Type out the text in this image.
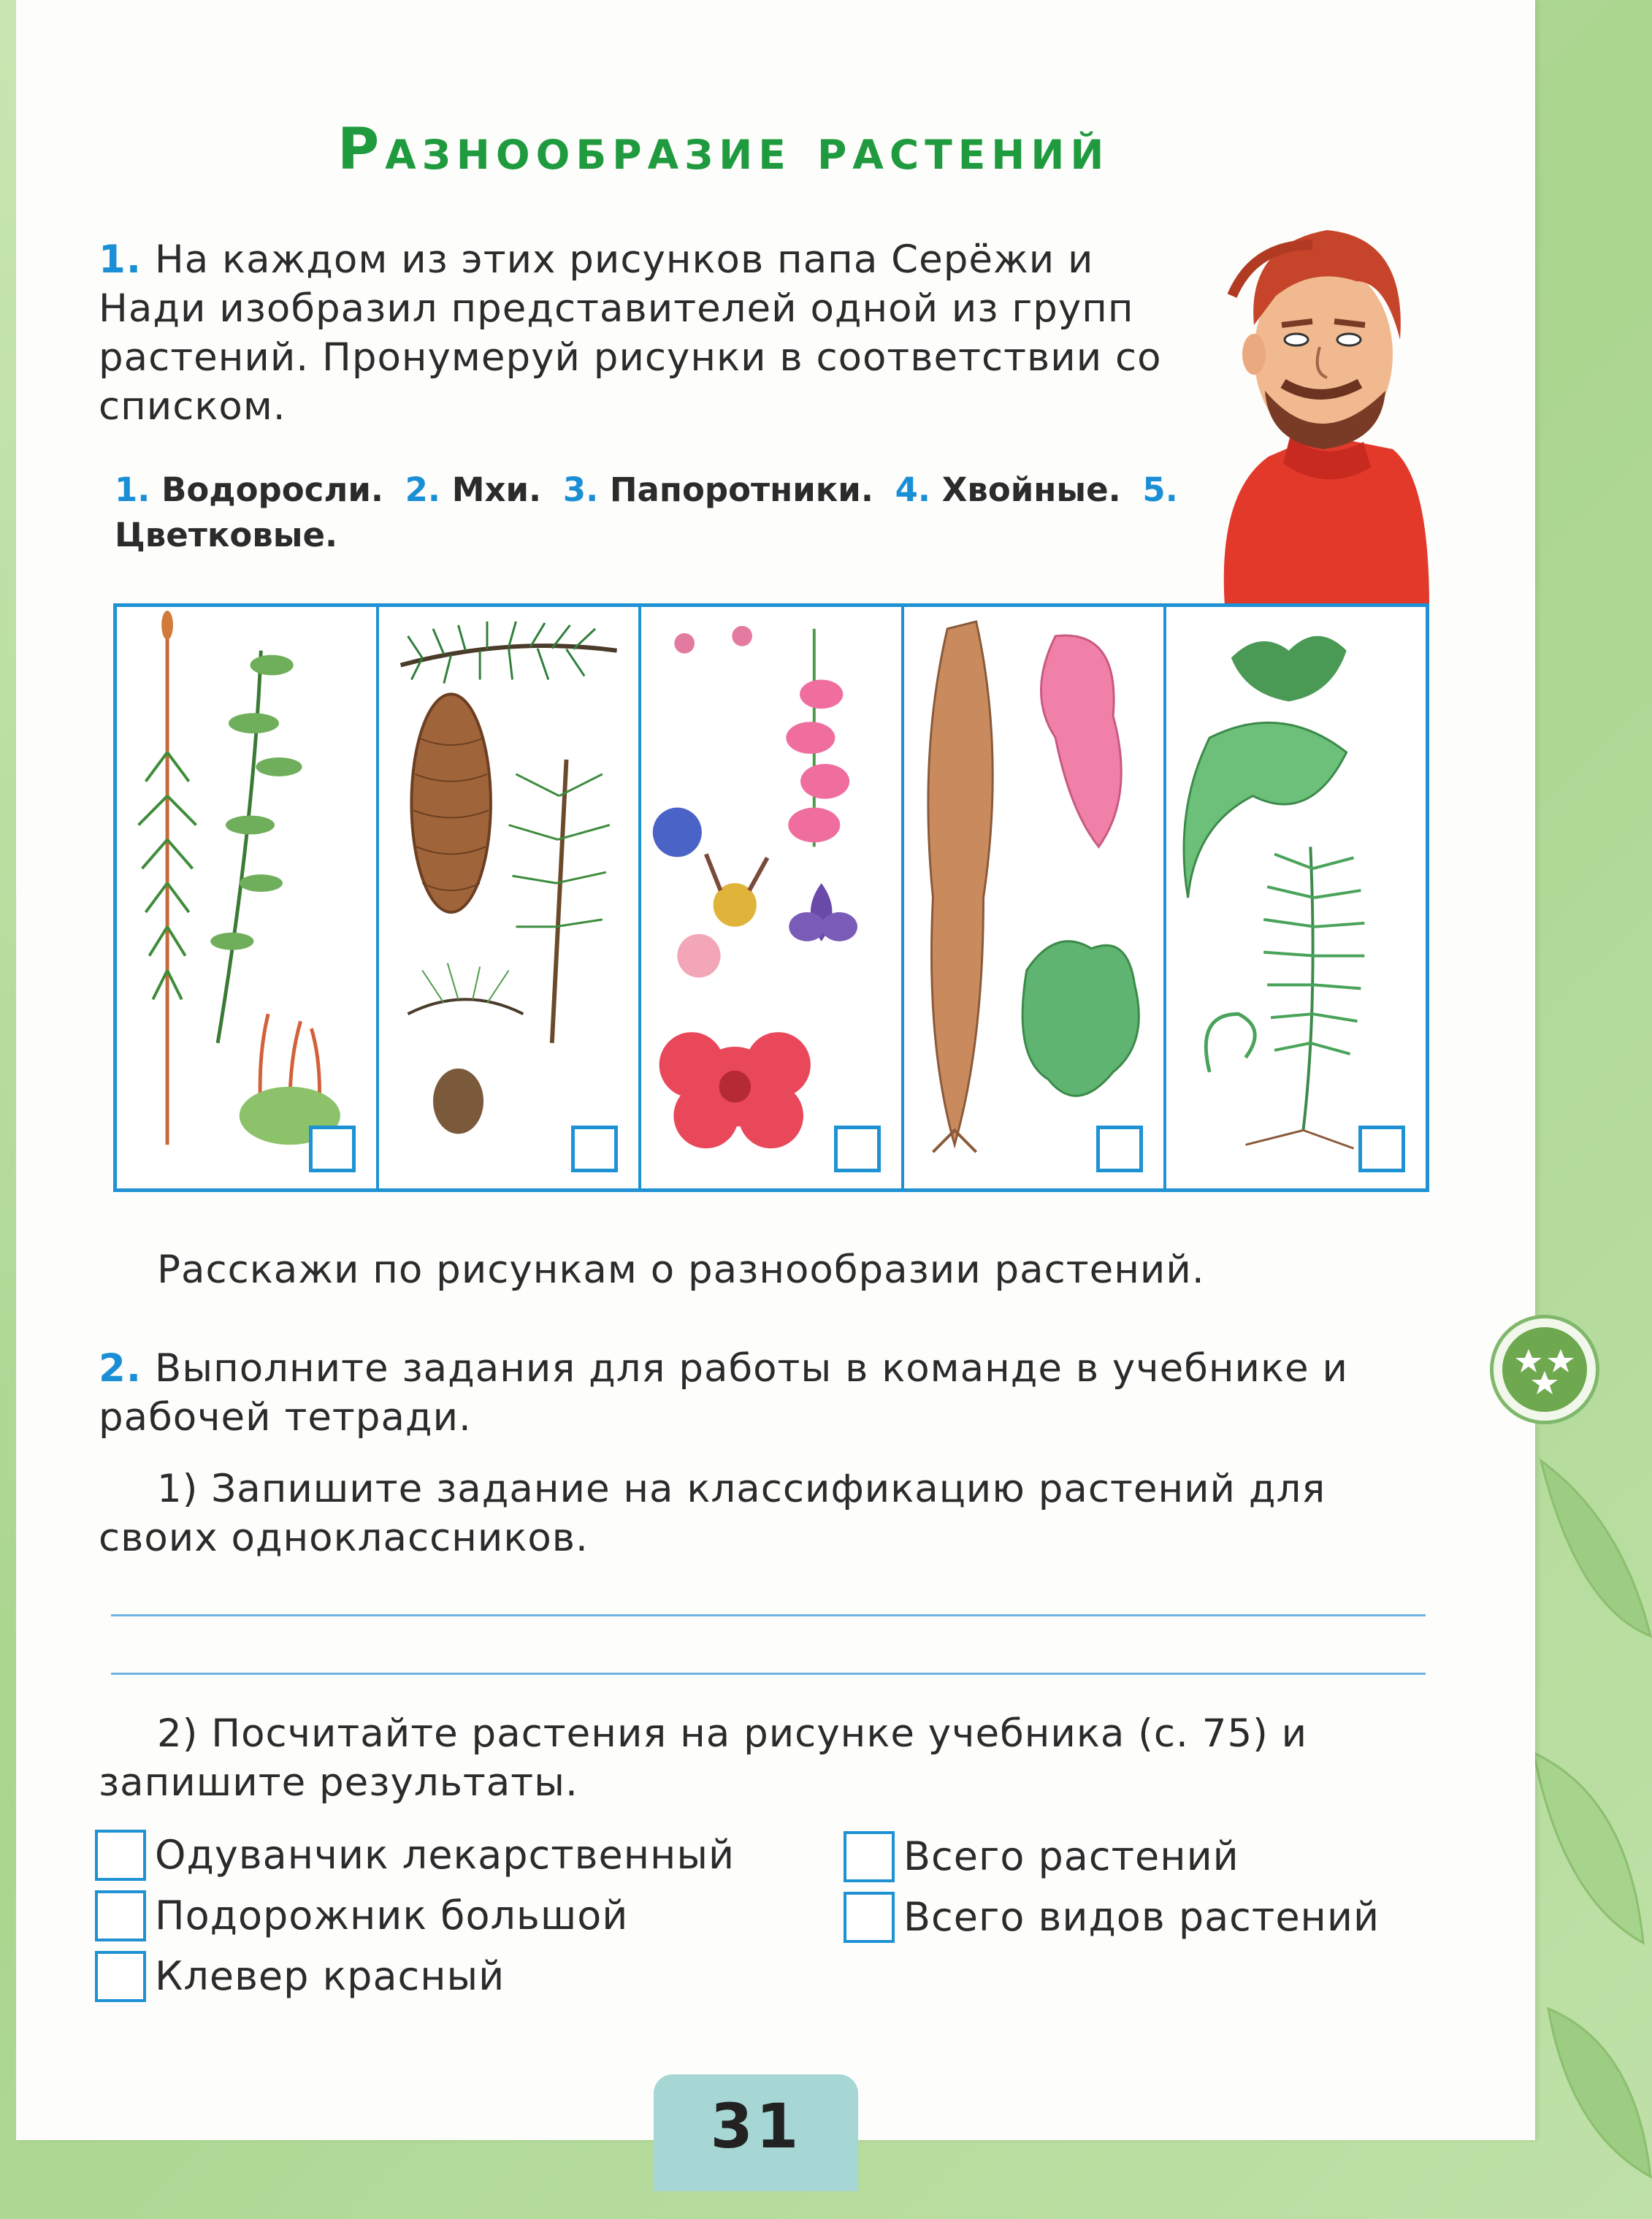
Разнообразие растений
1. На каждом из этих рисунков папа Серёжи и Нади изобразил представителей одной из групп растений. Пронумеруй рисунки в соответствии со списком.
1. Водоросли. 2. Мхи. 3. Папоротники. 4. Хвойные. 5. Цветковые.
Расскажи по рисункам о разнообразии растений.
2. Выполните задания для работы в команде в учебнике и рабочей тетради.
1) Запишите задание на классификацию растений для своих одноклассников.
2) Посчитайте растения на рисунке учебника (с. 75) и запишите результаты.
Одуванчик лекарственный
Подорожник большой
Клевер красный
Всего растений
Всего видов растений
31
